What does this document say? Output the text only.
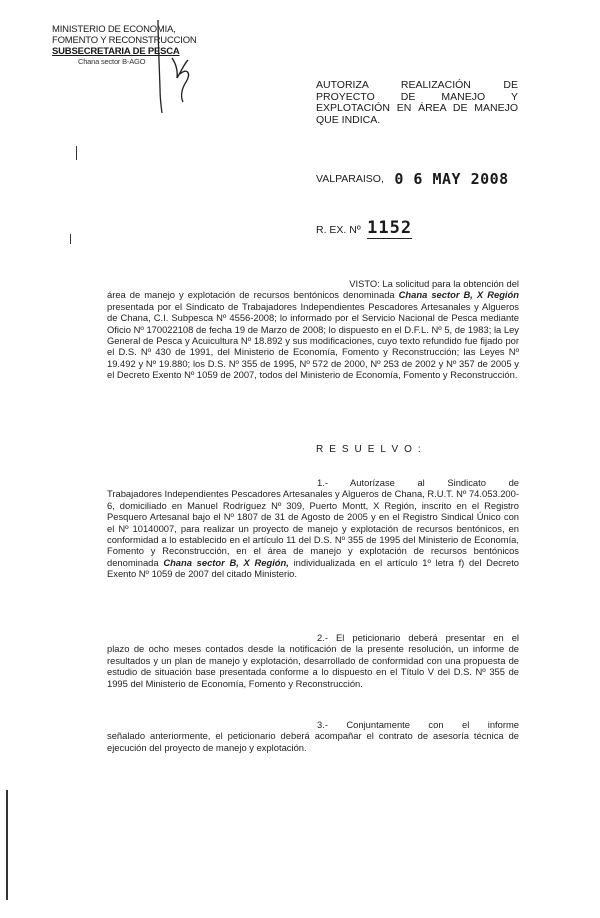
MINISTERIO DE ECONOMIA,
FOMENTO Y RECONSTRUCCION
SUBSECRETARIA DE PESCA
Chana sector B-AGO
AUTORIZA REALIZACIÓN DE
PROYECTO DE MANEJO Y
EXPLOTACIÓN EN ÁREA DE MANEJO
QUE INDICA.
VALPARAISO, 0 6 MAY 2008
R. EX. Nº 1152
VISTO: La solicitud para la obtención del
área de manejo y explotación de recursos bentónicos denominada Chana sector B, X Región presentada por el Sindicato de Trabajadores Independientes Pescadores Artesanales y Algueros de Chana, C.I. Subpesca Nº 4556-2008; lo informado por el Servicio Nacional de Pesca mediante Oficio Nº 170022108 de fecha 19 de Marzo de 2008; lo dispuesto en el D.F.L. Nº 5, de 1983; la Ley General de Pesca y Acuicultura Nº 18.892 y sus modificaciones, cuyo texto refundido fue fijado por el D.S. Nº 430 de 1991, del Ministerio de Economía, Fomento y Reconstrucción; las Leyes Nº 19.492 y Nº 19.880; los D.S. Nº 355 de 1995, Nº 572 de 2000, Nº 253 de 2002 y Nº 357 de 2005 y el Decreto Exento Nº 1059 de 2007, todos del Ministerio de Economía, Fomento y Reconstrucción.
R E S U E L V O :
1.- Autorízase al Sindicato de
Trabajadores Independientes Pescadores Artesanales y Algueros de Chana, R.U.T. Nº 74.053.200-6, domiciliado en Manuel Rodríguez Nº 309, Puerto Montt, X Región, inscrito en el Registro Pesquero Artesanal bajo el Nº 1807 de 31 de Agosto de 2005 y en el Registro Sindical Único con el Nº 10140007, para realizar un proyecto de manejo y explotación de recursos bentónicos, en conformidad a lo establecido en el artículo 11 del D.S. Nº 355 de 1995 del Ministerio de Economía, Fomento y Reconstrucción, en el área de manejo y explotación de recursos bentónicos denominada Chana sector B, X Región, individualizada en el artículo 1º letra f) del Decreto Exento Nº 1059 de 2007 del citado Ministerio.
2.- El peticionario deberá presentar en el
plazo de ocho meses contados desde la notificación de la presente resolución, un informe de resultados y un plan de manejo y explotación, desarrollado de conformidad con una propuesta de estudio de situación base presentada conforme a lo dispuesto en el Título V del D.S. Nº 355 de 1995 del Ministerio de Economía, Fomento y Reconstrucción.
3.- Conjuntamente con el informe
señalado anteriormente, el peticionario deberá acompañar el contrato de asesoría técnica de ejecución del proyecto de manejo y explotación.
